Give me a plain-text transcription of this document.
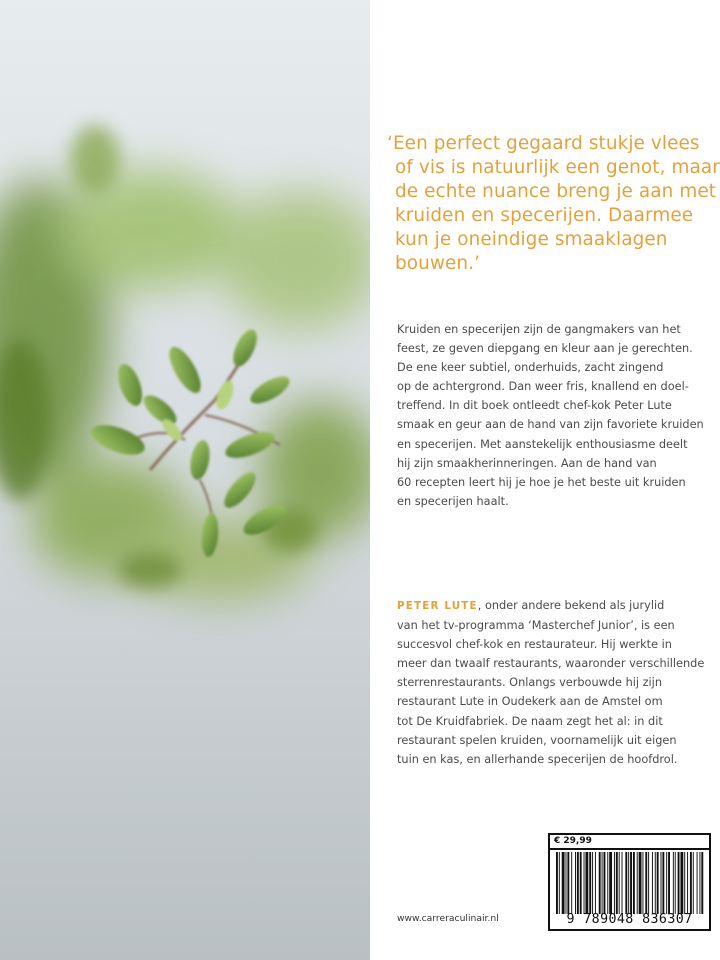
‘Een perfect gegaard stukje vlees
of vis is natuurlijk een genot, maar
de echte nuance breng je aan met
kruiden en specerijen. Daarmee
kun je oneindige smaaklagen
bouwen.’
Kruiden en specerijen zijn de gangmakers van het
feest, ze geven diepgang en kleur aan je gerechten.
De ene keer subtiel, onderhuids, zacht zingend
op de achtergrond. Dan weer fris, knallend en doel-
treffend. In dit boek ontleedt chef-kok Peter Lute
smaak en geur aan de hand van zijn favoriete kruiden
en specerijen. Met aanstekelijk enthousiasme deelt
hij zijn smaakherinneringen. Aan de hand van
60 recepten leert hij je hoe je het beste uit kruiden
en specerijen haalt.
PETER LUTE, onder andere bekend als jurylid
van het tv-programma ‘Masterchef Junior’, is een
succesvol chef-kok en restaurateur. Hij werkte in
meer dan twaalf restaurants, waaronder verschillende
sterrenrestaurants. Onlangs verbouwde hij zijn
restaurant Lute in Oudekerk aan de Amstel om
tot De Kruidfabriek. De naam zegt het al: in dit
restaurant spelen kruiden, voornamelijk uit eigen
tuin en kas, en allerhande specerijen de hoofdrol.
www.carreraculinair.nl
€ 29,99
9 789048 836307
